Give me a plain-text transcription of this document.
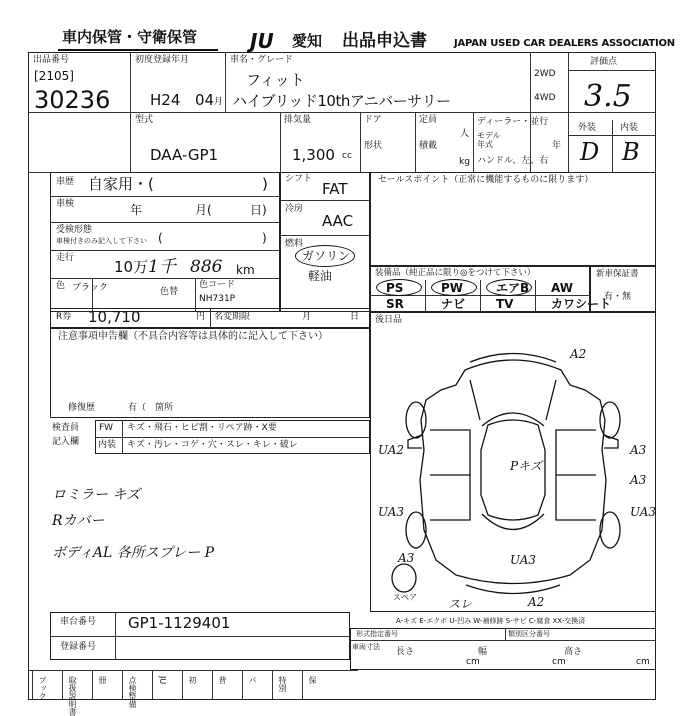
車内保管・守衛保管	JU 愛知 出品申込書	JAPAN USED CAR DEALERS ASSOCIATION
出品番号
[2105]
30236
初度登録年月
H24 04 月
車名・グレード
フィット
ハイブリッド10thアニバーサリー
2WD
4WD
評価点
3.5
型式
DAA-GP1
排気量
1,300 cc
ドア
形状
定員
人
積載
kg
ディーラー・並行
モデル年式	年
ハンドル、左、右
外装	内装
D B
車歴 自家用・(	)
車検	年	月(	日)
受検形態
車検付きのみ記入して下さい (	)
走行	10万 1千 886 km
色 ブラック	色替
色コード
NH731P
シフト
FAT
冷房
AAC
燃料
ガソリン
軽油
セールスポイント（正常に機能するものに限ります）
装備品（純正品に限り◎をつけて下さい）
PS	PW	エアB AW
SR	ナビ	TV	カワシート
新車保証書
有・無
R券 10,710	円 名変期限	月	日
注意事項申告欄（不具合内容等は具体的に記入して下さい）
修復歴	有（ 箇所
後日品
検査員
記入欄
FW キズ・飛石・ヒビ割・リペア跡・X要
内装 キズ・汚レ・コゲ・穴・スレ・キレ・破レ
ロミラー キズ
Rカバー
ボディAL 各所スプレー P
A2
UA2	A3
A3
UA3	UA3
UA3
A3
A2
スレ
Pキズ
スペア
A-キズ E-エクボ U-凹み W-補修跡 S-サビ C-腐食 XX-交換済
車台番号 GP1-1129401
登録番号
形式指定番号	類別区分番号
車両寸法 長さ
cm
幅
cm
高さ
cm
ブック	取扱説明書	冊	点検整備	JU	初	普	パ	特別	保
